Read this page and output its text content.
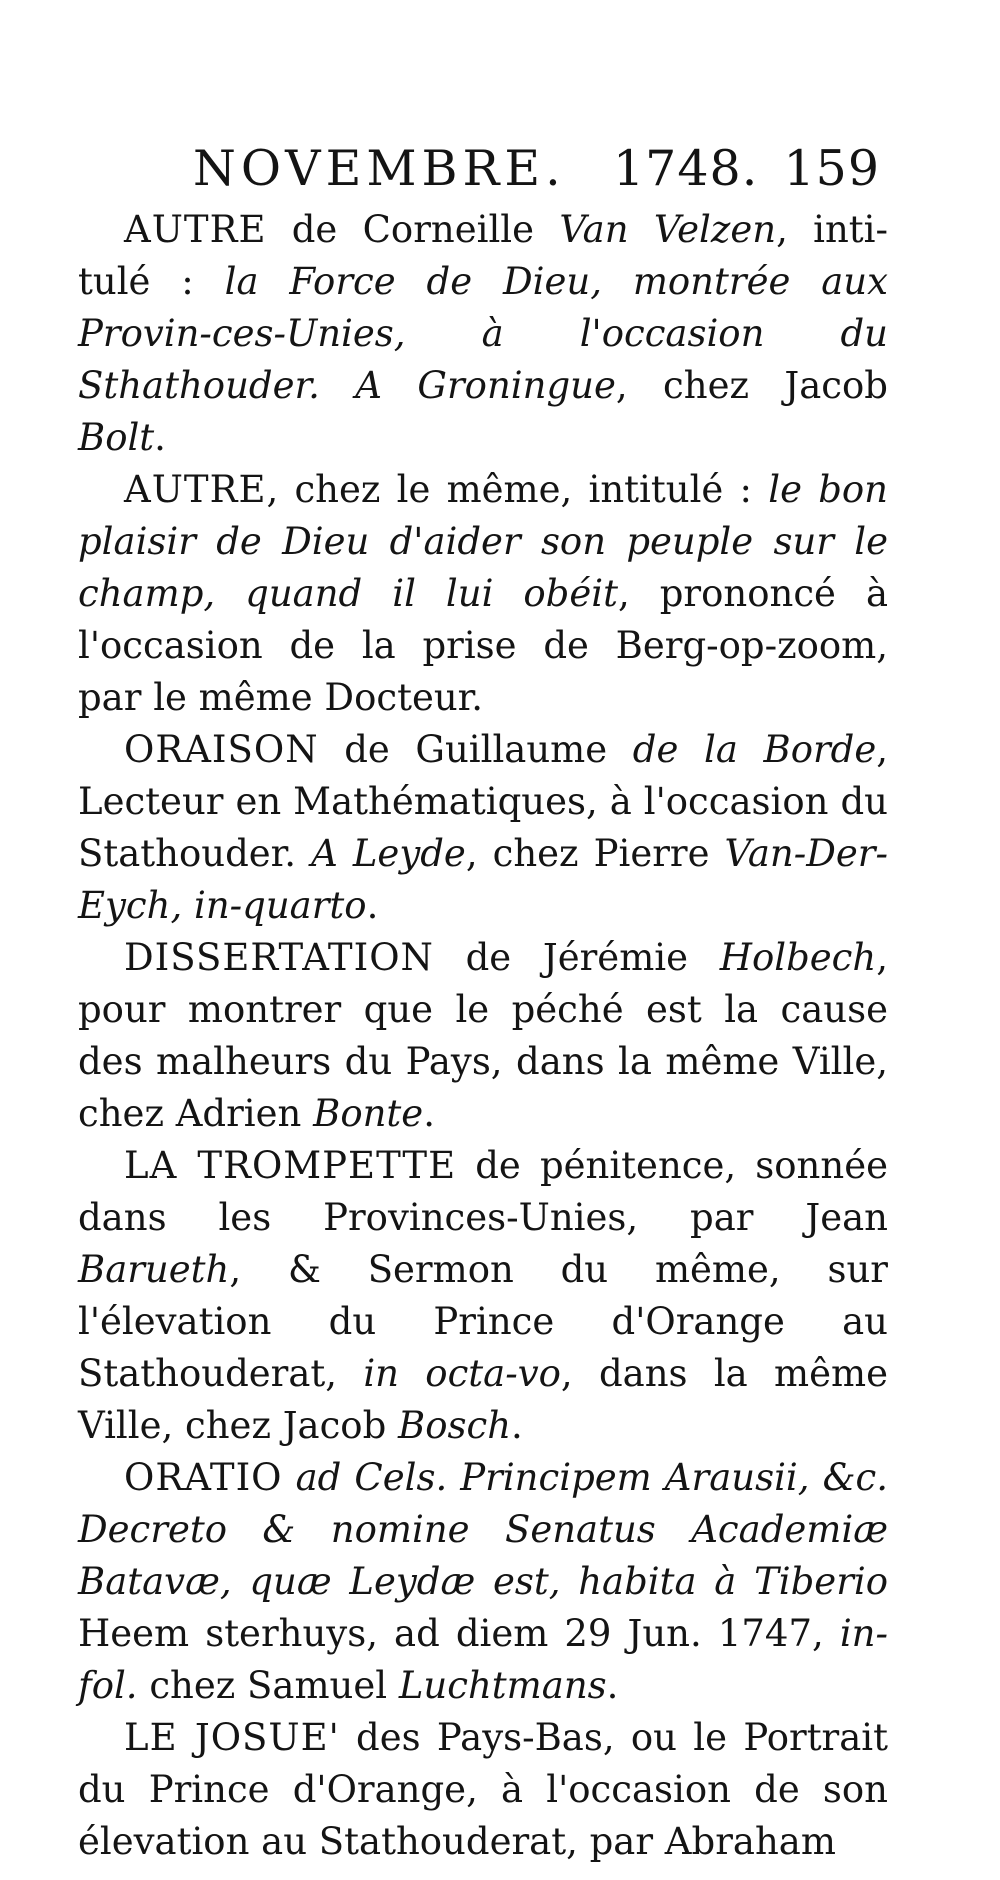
NOVEMBRE. 1748. 159

AUTRE de Corneille Van Velzen, inti-tulé : la Force de Dieu, montrée aux Provin-ces-Unies, à l'occasion du Sthathouder. A Groningue, chez Jacob Bolt.

AUTRE, chez le même, intitulé : le bon plaisir de Dieu d'aider son peuple sur le champ, quand il lui obéit, prononcé à l'occasion de la prise de Berg-op-zoom, par le même Docteur.

ORAISON de Guillaume de la Borde, Lecteur en Mathématiques, à l'occasion du Stathouder. A Leyde, chez Pierre Van-Der-Eych, in-quarto.

DISSERTATION de Jérémie Holbech, pour montrer que le péché est la cause des malheurs du Pays, dans la même Ville, chez Adrien Bonte.

LA TROMPETTE de pénitence, sonnée dans les Provinces-Unies, par Jean Barueth, & Sermon du même, sur l'élevation du Prince d'Orange au Stathouderat, in octa-vo, dans la même Ville, chez Jacob Bosch.

ORATIO ad Cels. Principem Arausii, &c. Decreto & nomine Senatus Academiæ Batavæ, quæ Leydæ est, habita à Tiberio Heem sterhuys, ad diem 29 Jun. 1747, in-fol. chez Samuel Luchtmans.

LE JOSUE' des Pays-Bas, ou le Portrait du Prince d'Orange, à l'occasion de son élevation au Stathouderat, par Abraham
